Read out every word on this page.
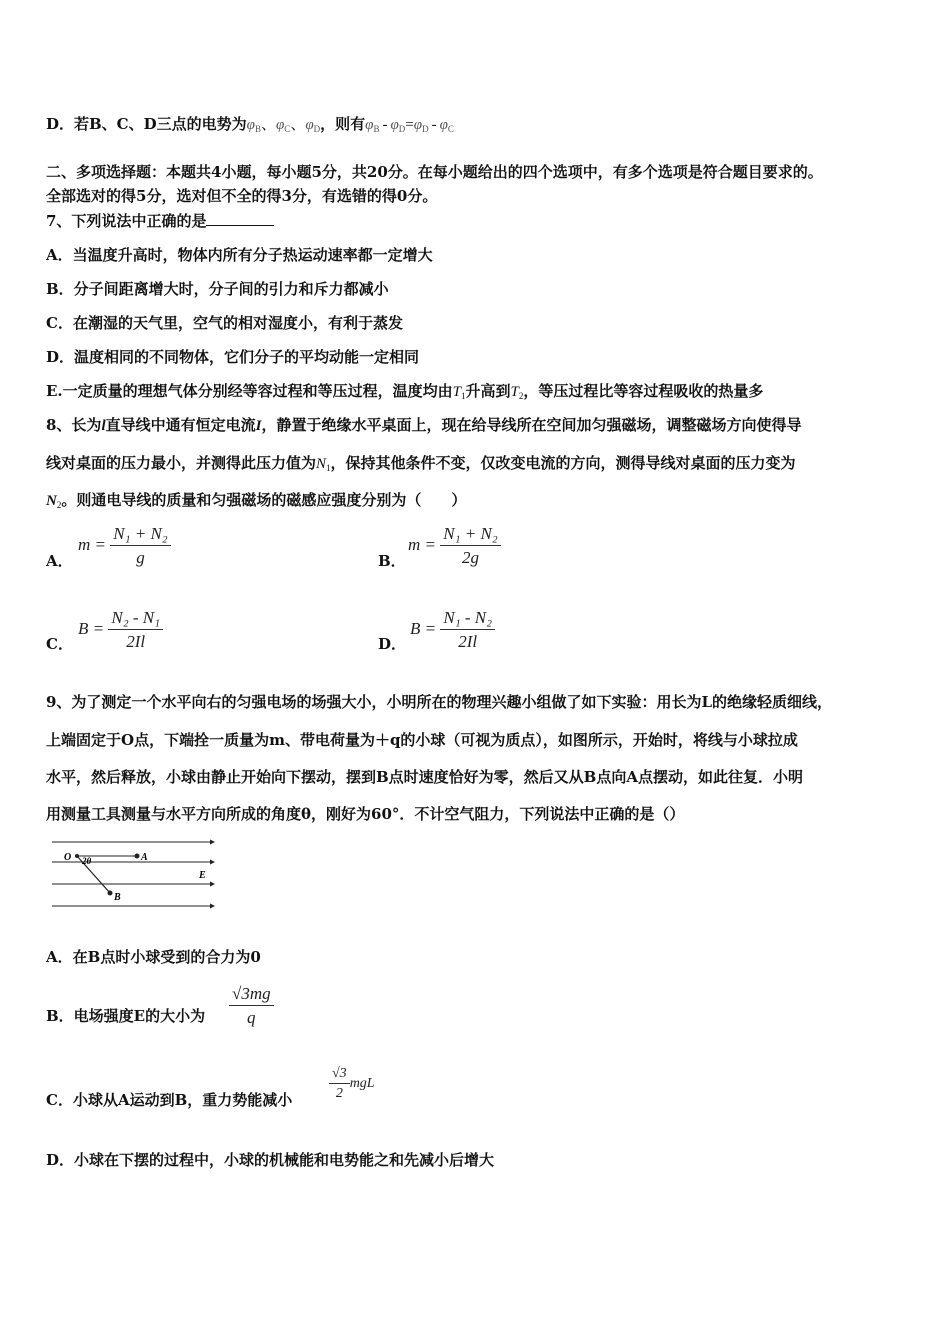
D．若B、C、D三点的电势为$\varphi_B$、$\varphi_C$、$\varphi_D$，则有$\varphi_B - \varphi_D=\varphi_D - \varphi_C$
二、多项选择题：本题共4小题，每小题5分，共20分。在每小题给出的四个选项中，有多个选项是符合题目要求的。
全部选对的得5分，选对但不全的得3分，有选错的得0分。
7、下列说法中正确的是
A．当温度升高时，物体内所有分子热运动速率都一定增大
B．分子间距离增大时，分子间的引力和斥力都减小
C．在潮湿的天气里，空气的相对湿度小，有利于蒸发
D．温度相同的不同物体，它们分子的平均动能一定相同
E.一定质量的理想气体分别经等容过程和等压过程，温度均由$T_1$升高到$T_2$，等压过程比等容过程吸收的热量多
8、长为l直导线中通有恒定电流I，静置于绝缘水平桌面上，现在给导线所在空间加匀强磁场，调整磁场方向使得导
线对桌面的压力最小，并测得此压力值为$N_1$，保持其他条件不变，仅改变电流的方向，测得导线对桌面的压力变为
$N_2$。则通电导线的质量和匀强磁场的磁感应强度分别为（　　）
A．
$m = \frac{\text{N₁ + N₂}}{g}$	B．
$m = \frac{\text{N₁ + N₂}}{2g}$
C．
$B = \frac{\text{N₂ - N₁}}{2Il}$	D．
$B = \frac{\text{N₁ - N₂}}{2Il}$
9、为了测定一个水平向右的匀强电场的场强大小，小明所在的物理兴趣小组做了如下实验：用长为L的绝缘轻质细线，
上端固定于O点，下端拴一质量为m、带电荷量为＋q的小球（可视为质点），如图所示，开始时，将线与小球拉成
水平，然后释放，小球由静止开始向下摆动，摆到B点时速度恰好为零，然后又从B点向A点摆动，如此往复．小明
用测量工具测量与水平方向所成的角度θ，刚好为60°．不计空气阻力，下列说法中正确的是（）
O 2θ	A
B
E
A．在B点时小球受到的合力为0
B．电场强度E的大小为 $\frac{√3mg}{q}$
C．小球从A运动到B，重力势能减小	$\frac{√3}{2}$ mgL
D．小球在下摆的过程中，小球的机械能和电势能之和先减小后增大
